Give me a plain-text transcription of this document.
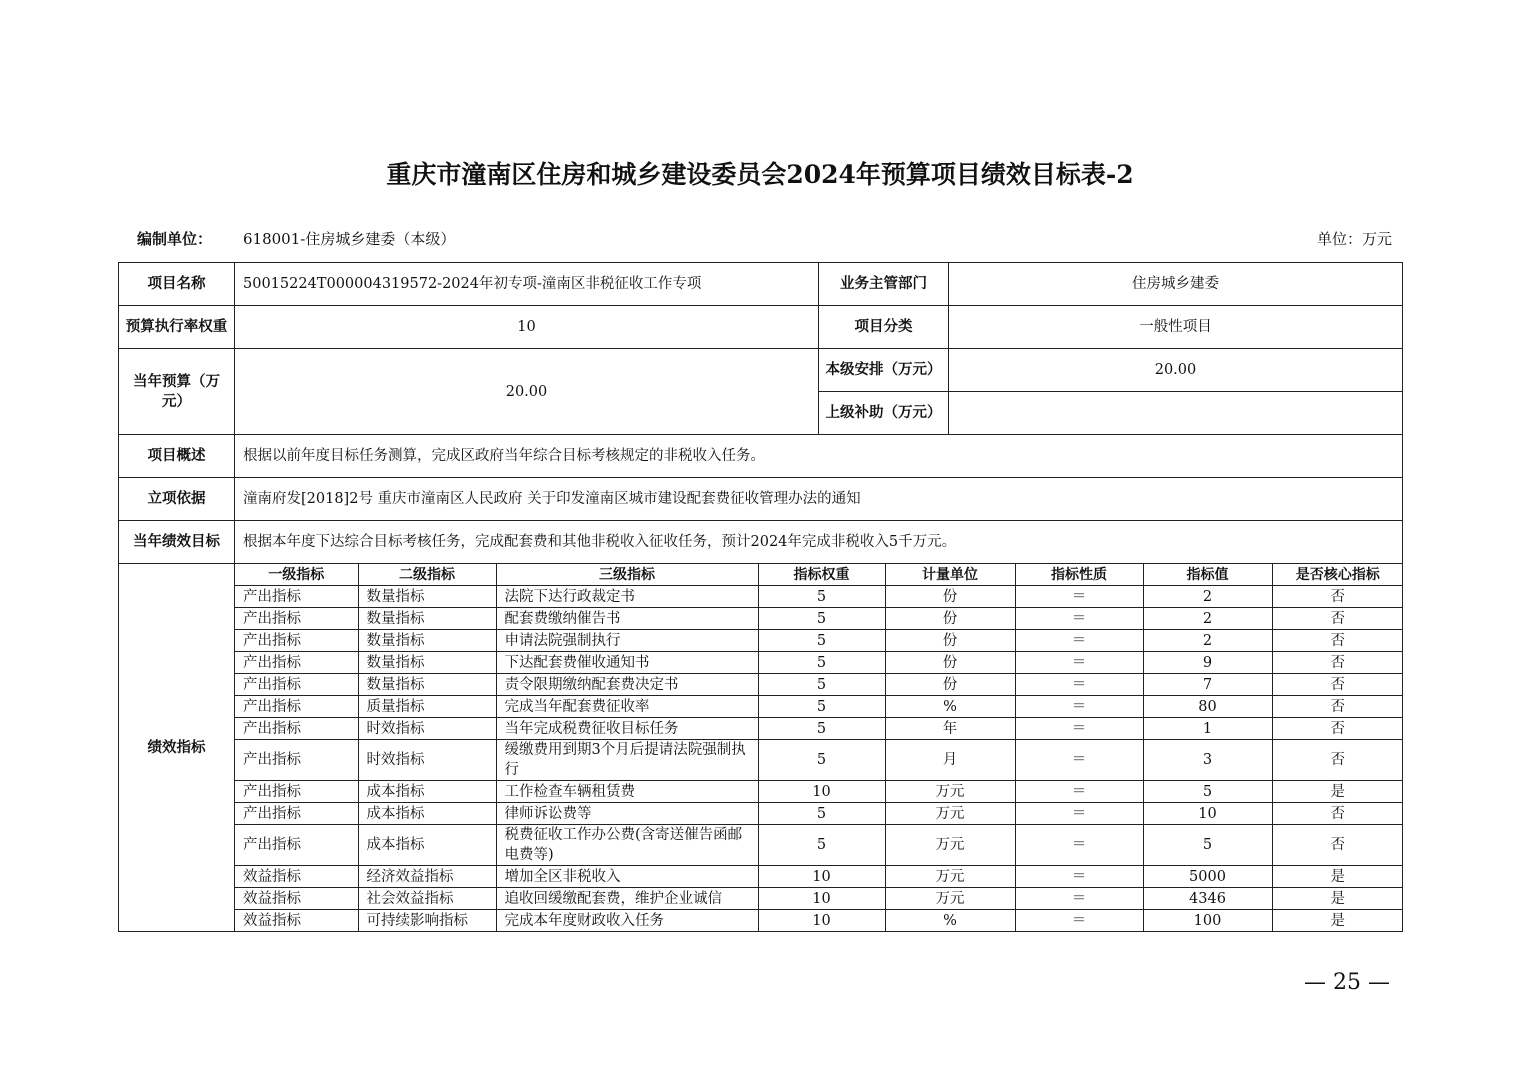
重庆市潼南区住房和城乡建设委员会2024年预算项目绩效目标表-2
编制单位： 618001-住房城乡建委（本级）	单位：万元
项目名称	50015224T000004319572-2024年初专项-潼南区非税征收工作专项	业务主管部门	住房城乡建委
预算执行率权重	10	项目分类	一般性项目
当年预算（万元）	20.00	本级安排（万元）	20.00
上级补助（万元）	
项目概述	根据以前年度目标任务测算，完成区政府当年综合目标考核规定的非税收入任务。
立项依据	潼南府发[2018]2号 重庆市潼南区人民政府 关于印发潼南区城市建设配套费征收管理办法的通知
当年绩效目标	根据本年度下达综合目标考核任务，完成配套费和其他非税收入征收任务，预计2024年完成非税收入5千万元。
绩效指标	
一级指标	二级指标	三级指标	指标权重	计量单位	指标性质	指标值	是否核心指标
产出指标	数量指标	法院下达行政裁定书	5	份	＝	2	否
产出指标	数量指标	配套费缴纳催告书	5	份	＝	2	否
产出指标	数量指标	申请法院强制执行	5	份	＝	2	否
产出指标	数量指标	下达配套费催收通知书	5	份	＝	9	否
产出指标	数量指标	责令限期缴纳配套费决定书	5	份	＝	7	否
产出指标	质量指标	完成当年配套费征收率	5	%	＝	80	否
产出指标	时效指标	当年完成税费征收目标任务	5	年	＝	1	否
产出指标	时效指标	缓缴费用到期3个月后提请法院强制执行	5	月	＝	3	否
产出指标	成本指标	工作检查车辆租赁费	10	万元	＝	5	是
产出指标	成本指标	律师诉讼费等	5	万元	＝	10	否
产出指标	成本指标	税费征收工作办公费(含寄送催告函邮电费等)	5	万元	＝	5	否
效益指标	经济效益指标	增加全区非税收入	10	万元	＝	5000	是
效益指标	社会效益指标	追收回缓缴配套费，维护企业诚信	10	万元	＝	4346	是
效益指标	可持续影响指标	完成本年度财政收入任务	10	%	＝	100	是
— 25 —
